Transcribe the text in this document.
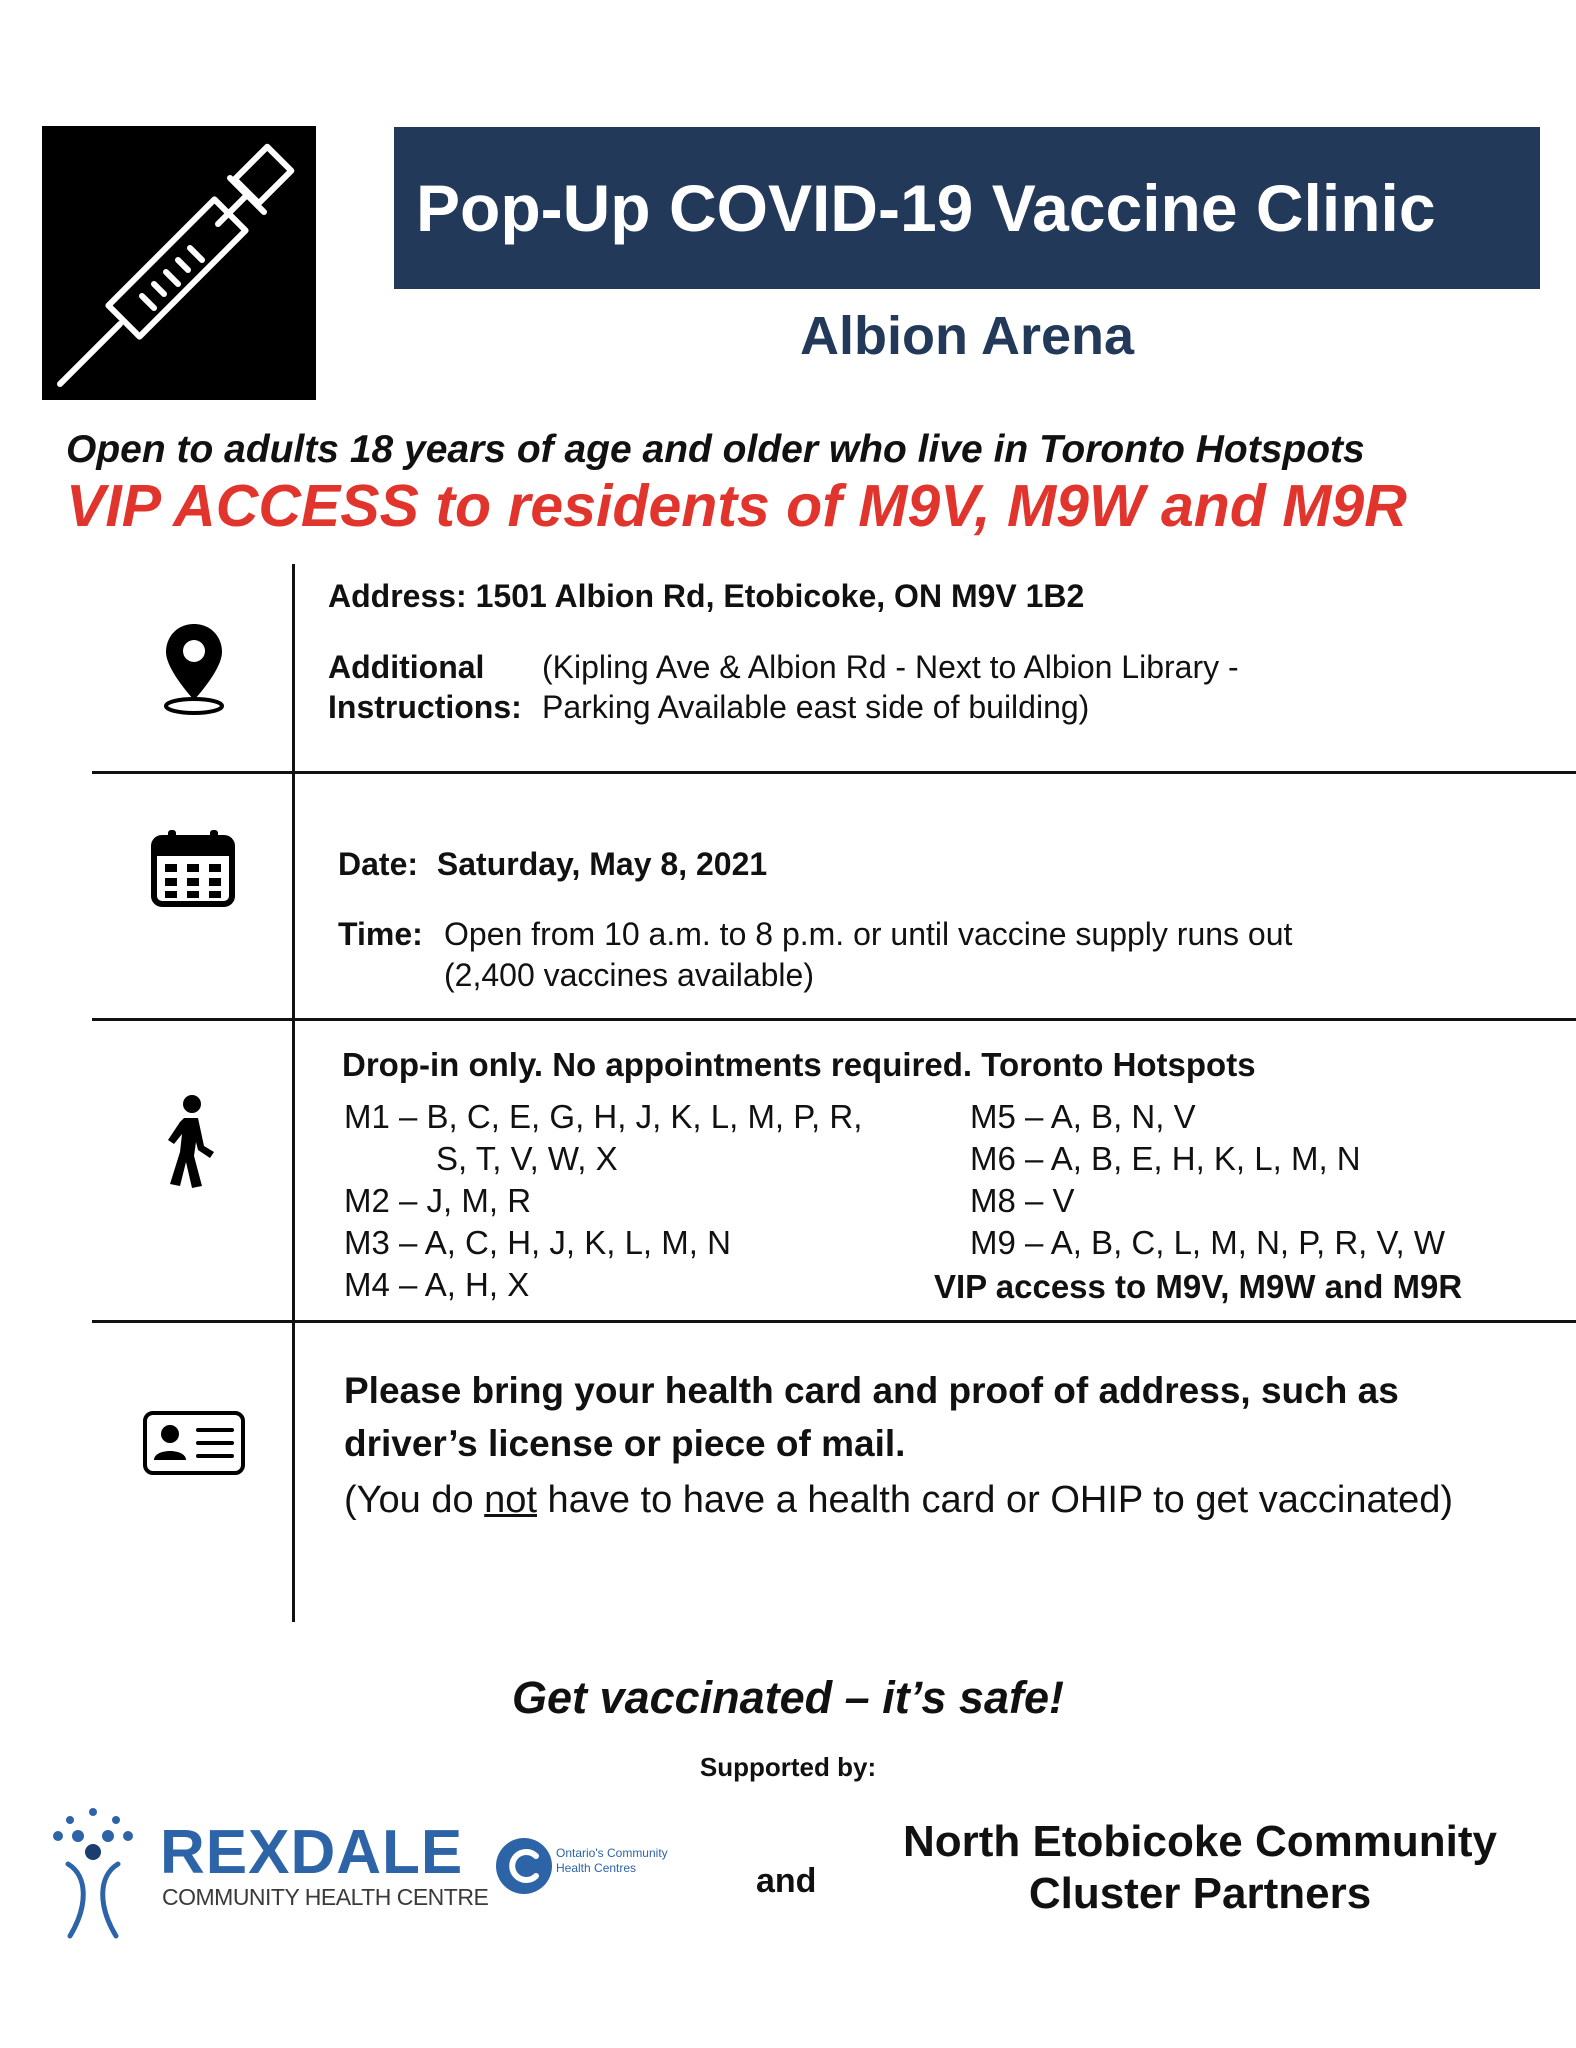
Pop-Up COVID-19 Vaccine Clinic
Albion Arena
Open to adults 18 years of age and older who live in Toronto Hotspots
VIP ACCESS to residents of M9V, M9W and M9R
Address: 1501 Albion Rd, Etobicoke, ON M9V 1B2
Additional
Instructions:
(Kipling Ave & Albion Rd - Next to Albion Library -
Parking Available east side of building)
Date: Saturday, May 8, 2021
Time: Open from 10 a.m. to 8 p.m. or until vaccine supply runs out
(2,400 vaccines available)
Drop-in only. No appointments required. Toronto Hotspots
M1 – B, C, E, G, H, J, K, L, M, P, R,
S, T, V, W, X
M2 – J, M, R
M3 – A, C, H, J, K, L, M, N
M4 – A, H, X
M5 – A, B, N, V
M6 – A, B, E, H, K, L, M, N
M8 – V
M9 – A, B, C, L, M, N, P, R, V, W
VIP access to M9V, M9W and M9R
Please bring your health card and proof of address, such as driver’s license or piece of mail.
(You do not have to have a health card or OHIP to get vaccinated)
Get vaccinated – it’s safe!
Supported by:
REXDALE
COMMUNITY HEALTH CENTRE
Ontario's Community Health Centres	and
North Etobicoke Community
Cluster Partners
